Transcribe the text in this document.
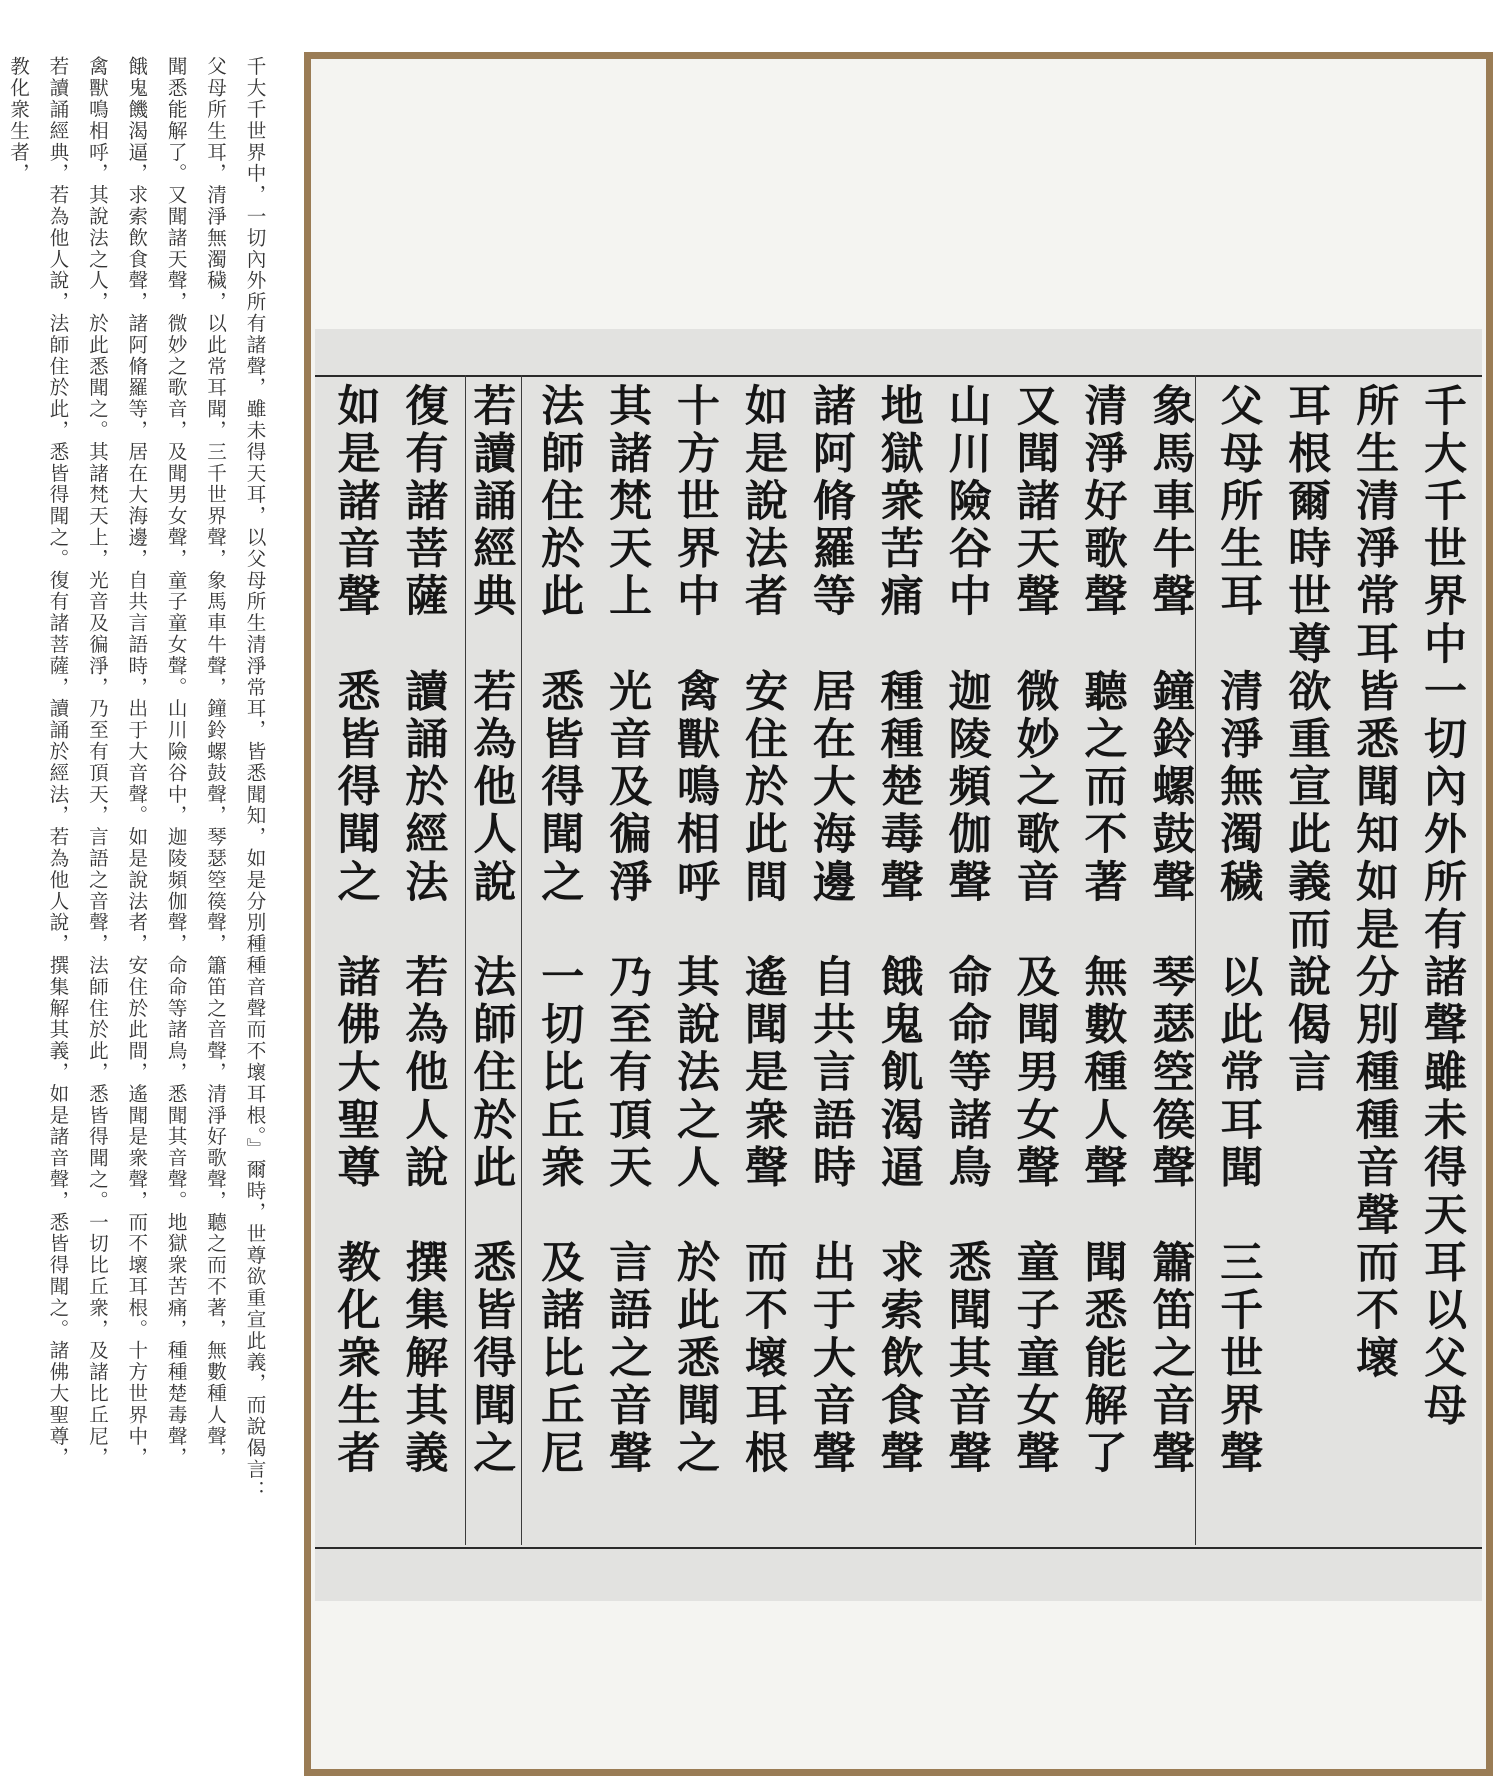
千大千世界中，一切內外所有諸聲，雖未得天耳，以父母所生清淨常耳，皆悉聞知，如是分別種種音聲而不壞耳根。』爾時，世尊欲重宣此義，而說偈言：
父母所生耳，清淨無濁穢，以此常耳聞，三千世界聲，象馬車牛聲，鐘鈴螺鼓聲，琴瑟箜篌聲，簫笛之音聲，清淨好歌聲，聽之而不著，無數種人聲，
聞悉能解了。又聞諸天聲，微妙之歌音，及聞男女聲，童子童女聲。山川險谷中，迦陵頻伽聲，命命等諸鳥，悉聞其音聲。地獄衆苦痛，種種楚毒聲，
餓鬼饑渴逼，求索飲食聲，諸阿脩羅等，居在大海邊，自共言語時，出于大音聲。如是說法者，安住於此間，遙聞是衆聲，而不壞耳根。十方世界中，
禽獸鳴相呼，其說法之人，於此悉聞之。其諸梵天上，光音及徧淨，乃至有頂天，言語之音聲，法師住於此，悉皆得聞之。一切比丘衆，及諸比丘尼，
若讀誦經典，若為他人說，法師住於此，悉皆得聞之。復有諸菩薩，讀誦於經法，若為他人說，撰集解其義，如是諸音聲，悉皆得聞之。諸佛大聖尊，
教化衆生者，
千大千世界中一切內外所有諸聲雖未得天耳以父母
所生清淨常耳皆悉聞知如是分別種種音聲而不壞
耳根爾時世尊欲重宣此義而說偈言
父母所生耳　清淨無濁穢　以此常耳聞　三千世界聲
象馬車牛聲　鐘鈴螺鼓聲　琴瑟箜篌聲　簫笛之音聲
清淨好歌聲　聽之而不著　無數種人聲　聞悉能解了
又聞諸天聲　微妙之歌音　及聞男女聲　童子童女聲
山川險谷中　迦陵頻伽聲　命命等諸鳥　悉聞其音聲
地獄衆苦痛　種種楚毒聲　餓鬼飢渴逼　求索飲食聲
諸阿脩羅等　居在大海邊　自共言語時　出于大音聲
如是說法者　安住於此間　遙聞是衆聲　而不壞耳根
十方世界中　禽獸鳴相呼　其說法之人　於此悉聞之
其諸梵天上　光音及徧淨　乃至有頂天　言語之音聲
法師住於此　悉皆得聞之　一切比丘衆　及諸比丘尼
若讀誦經典　若為他人說　法師住於此　悉皆得聞之
復有諸菩薩　讀誦於經法　若為他人說　撰集解其義
如是諸音聲　悉皆得聞之　諸佛大聖尊　教化衆生者
